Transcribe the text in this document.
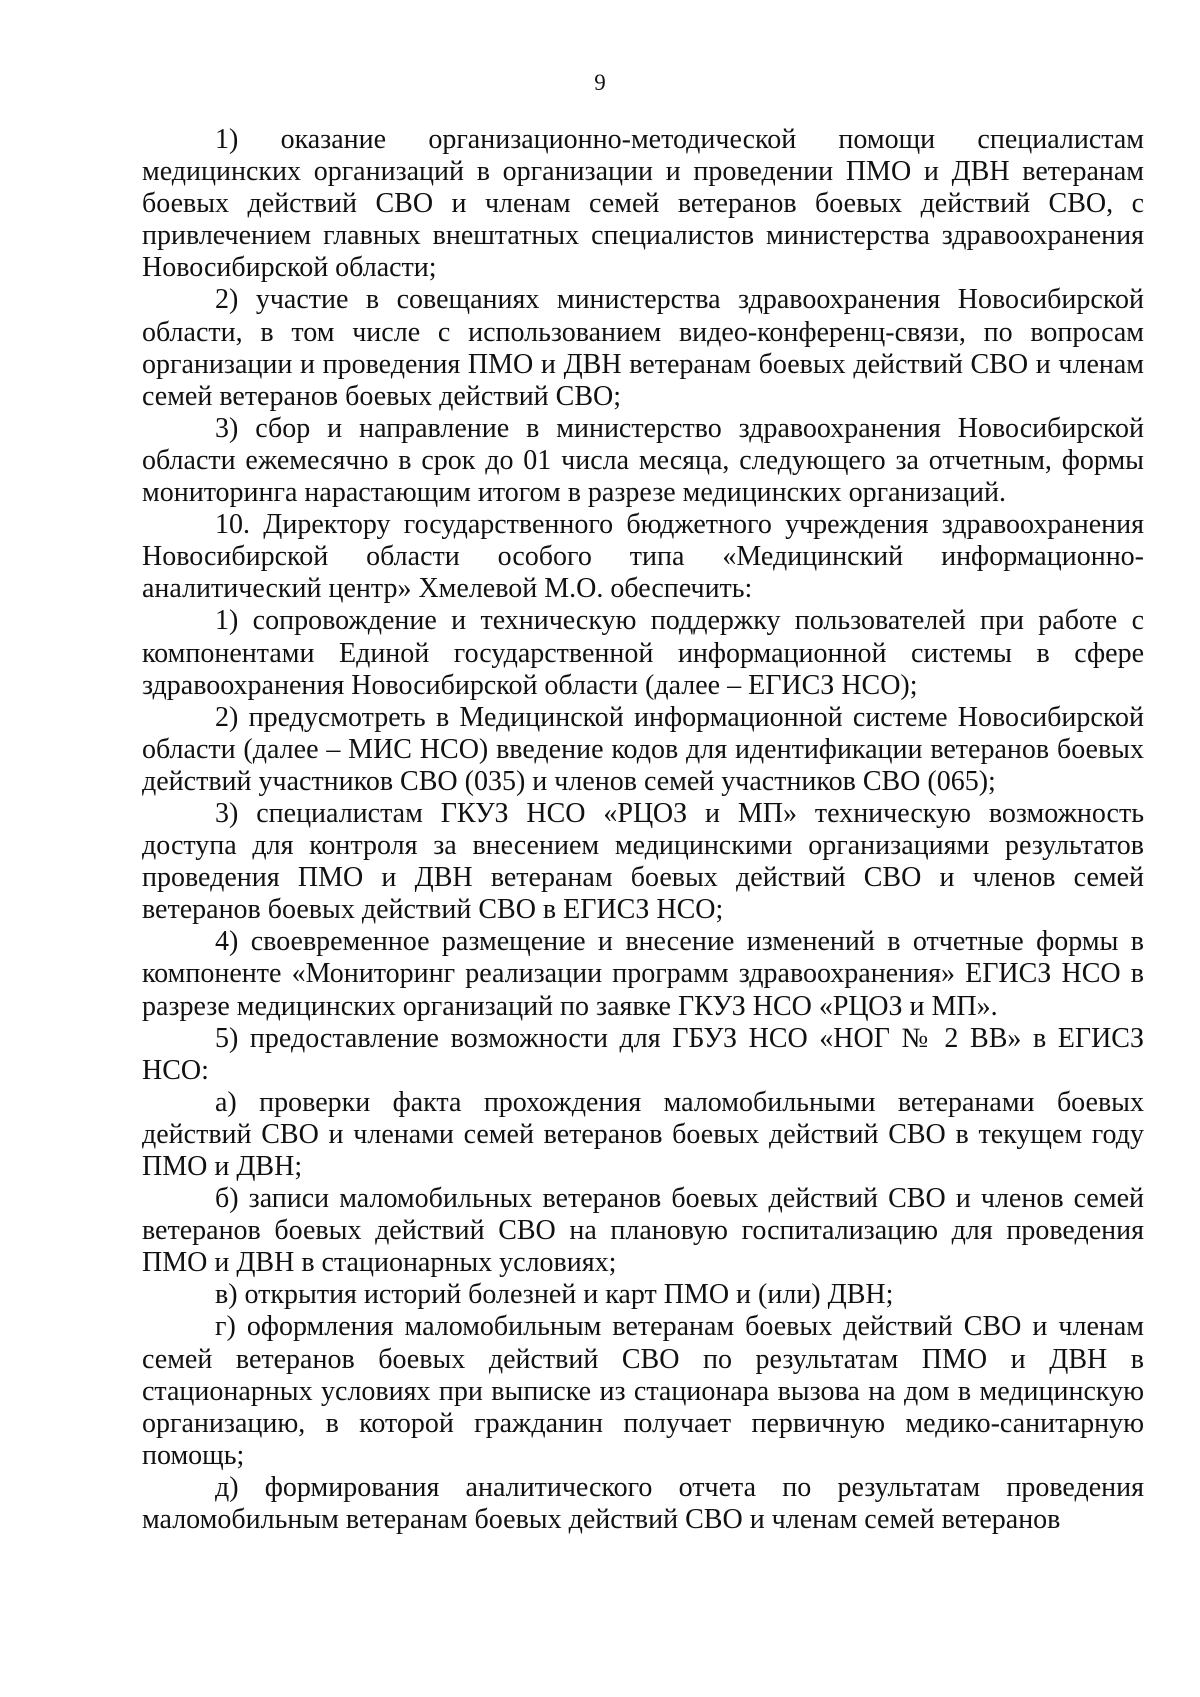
9

1) оказание организационно-методической помощи специалистам медицинских организаций в организации и проведении ПМО и ДВН ветеранам боевых действий СВО и членам семей ветеранов боевых действий СВО, с привлечением главных внештатных специалистов министерства здравоохранения Новосибирской области;

2) участие в совещаниях министерства здравоохранения Новосибирской области, в том числе с использованием видео-конференц-связи, по вопросам организации и проведения ПМО и ДВН ветеранам боевых действий СВО и членам семей ветеранов боевых действий СВО;

3) сбор и направление в министерство здравоохранения Новосибирской области ежемесячно в срок до 01 числа месяца, следующего за отчетным, формы мониторинга нарастающим итогом в разрезе медицинских организаций.

10. Директору государственного бюджетного учреждения здравоохранения Новосибирской области особого типа «Медицинский информационно-аналитический центр» Хмелевой М.О. обеспечить:

1) сопровождение и техническую поддержку пользователей при работе с компонентами Единой государственной информационной системы в сфере здравоохранения Новосибирской области (далее – ЕГИСЗ НСО);

2) предусмотреть в Медицинской информационной системе Новосибирской области (далее – МИС НСО) введение кодов для идентификации ветеранов боевых действий участников СВО (035) и членов семей участников СВО (065);

3) специалистам ГКУЗ НСО «РЦОЗ и МП» техническую возможность доступа для контроля за внесением медицинскими организациями результатов проведения ПМО и ДВН ветеранам боевых действий СВО и членов семей ветеранов боевых действий СВО в ЕГИСЗ НСО;

4) своевременное размещение и внесение изменений в отчетные формы в компоненте «Мониторинг реализации программ здравоохранения» ЕГИСЗ НСО в разрезе медицинских организаций по заявке ГКУЗ НСО «РЦОЗ и МП».

5) предоставление возможности для ГБУЗ НСО «НОГ № 2 ВВ» в ЕГИСЗ НСО:

а) проверки факта прохождения маломобильными ветеранами боевых действий СВО и членами семей ветеранов боевых действий СВО в текущем году ПМО и ДВН;

б) записи маломобильных ветеранов боевых действий СВО и членов семей ветеранов боевых действий СВО на плановую госпитализацию для проведения ПМО и ДВН в стационарных условиях;

в) открытия историй болезней и карт ПМО и (или) ДВН;

г) оформления маломобильным ветеранам боевых действий СВО и членам семей ветеранов боевых действий СВО по результатам ПМО и ДВН в стационарных условиях при выписке из стационара вызова на дом в медицинскую организацию, в которой гражданин получает первичную медико-санитарную помощь;

д) формирования аналитического отчета по результатам проведения маломобильным ветеранам боевых действий СВО и членам семей ветеранов
